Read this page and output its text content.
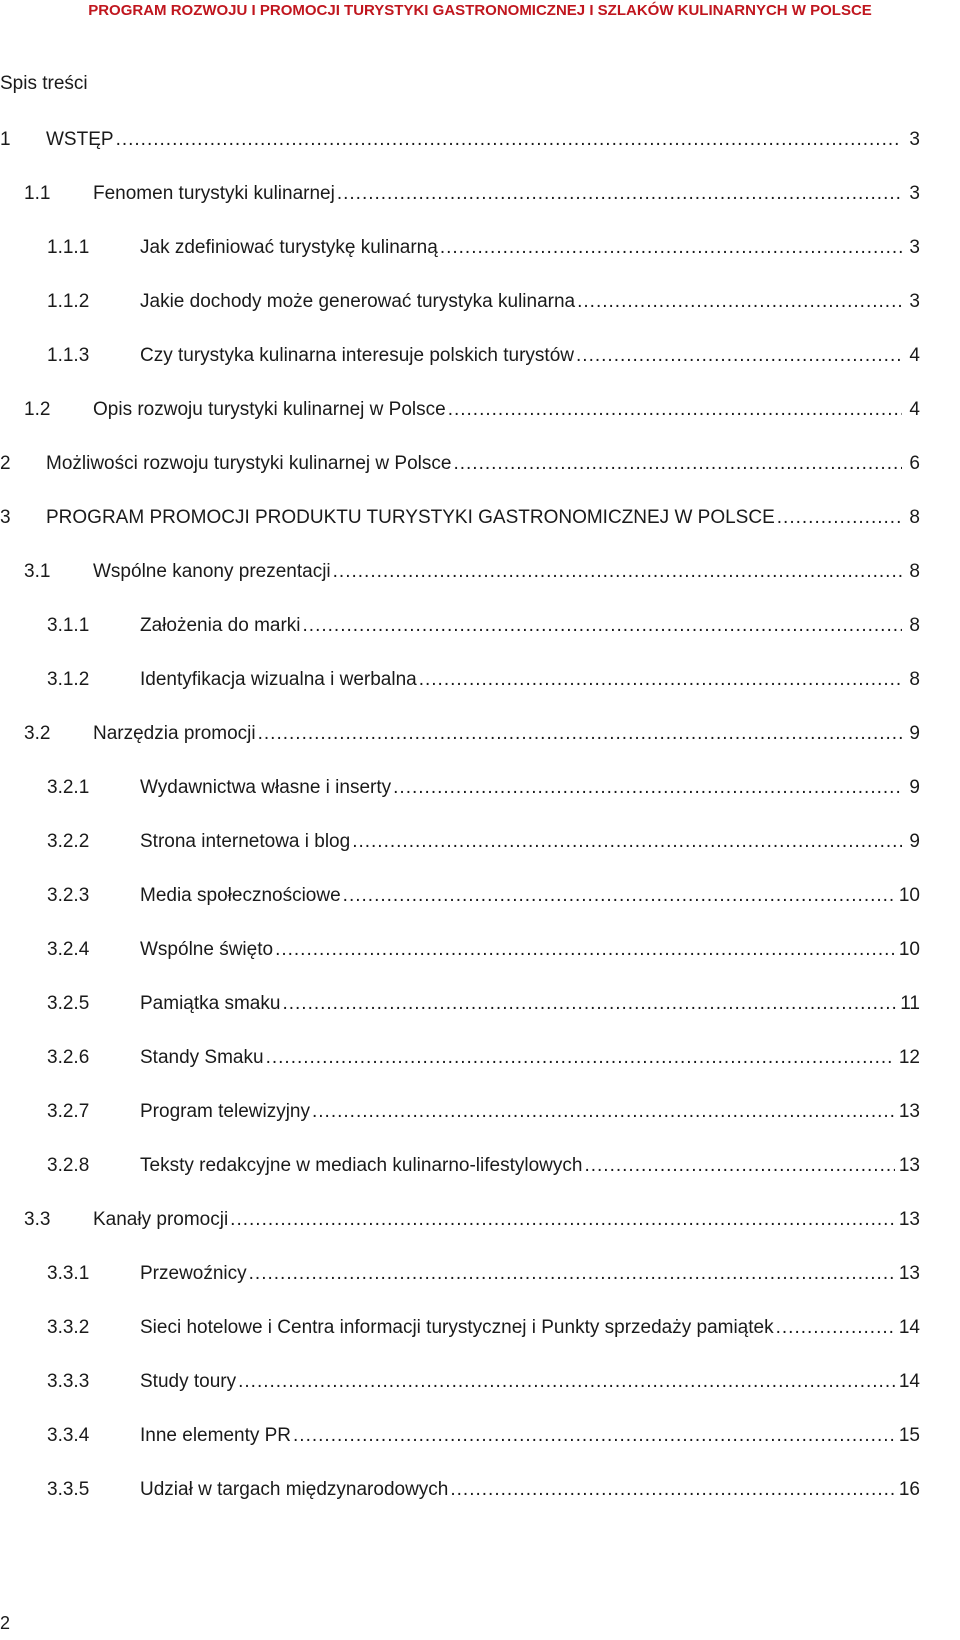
PROGRAM ROZWOJU I PROMOCJI TURYSTYKI GASTRONOMICZNEJ I SZLAKÓW KULINARNYCH W POLSCE
Spis treści
1 WSTĘP .....	3
1.1 Fenomen turystyki kulinarnej .....	3
1.1.1	Jak zdefiniować turystykę kulinarną .....	3
1.1.2	Jakie dochody może generować turystyka kulinarna .....	3
1.1.3	Czy turystyka kulinarna interesuje polskich turystów .....	4
1.2 Opis rozwoju turystyki kulinarnej w Polsce .....	4
2 Możliwości rozwoju turystyki kulinarnej w Polsce .....	6
3 PROGRAM PROMOCJI PRODUKTU TURYSTYKI GASTRONOMICZNEJ W POLSCE .....	8
3.1 Wspólne kanony prezentacji .....	8
3.1.1	Założenia do marki .....	8
3.1.2	Identyfikacja wizualna i werbalna .....	8
3.2 Narzędzia promocji .....	9
3.2.1	Wydawnictwa własne i inserty .....	9
3.2.2	Strona internetowa i blog .....	9
3.2.3	Media społecznościowe .....	10
3.2.4	Wspólne święto .....	10
3.2.5	Pamiątka smaku .....	11
3.2.6	Standy Smaku .....	12
3.2.7	Program telewizyjny .....	13
3.2.8	Teksty redakcyjne w mediach kulinarno-lifestylowych .....	13
3.3 Kanały promocji .....	13
3.3.1	Przewoźnicy .....	13
3.3.2	Sieci hotelowe i Centra informacji turystycznej i Punkty sprzedaży pamiątek .....	14
3.3.3	Study toury .....	14
3.3.4	Inne elementy PR .....	15
3.3.5	Udział w targach międzynarodowych .....	16
2
